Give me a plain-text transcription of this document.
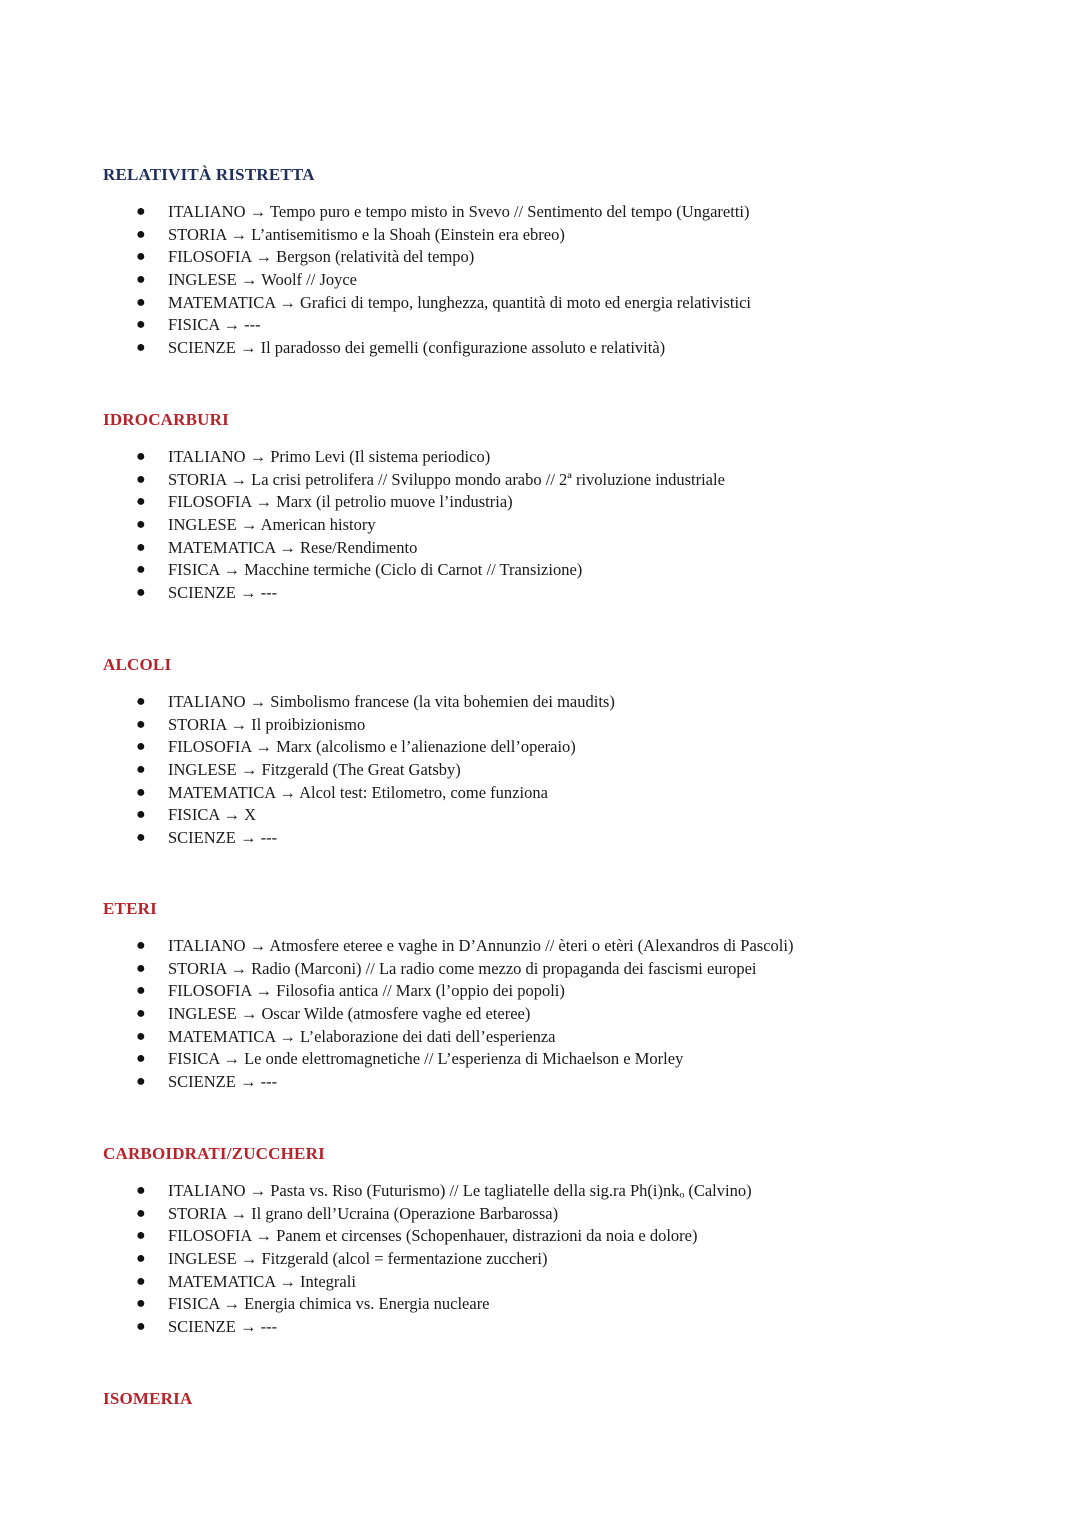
RELATIVITÀ RISTRETTA
● ITALIANO → Tempo puro e tempo misto in Svevo // Sentimento del tempo (Ungaretti)
● STORIA → L’antisemitismo e la Shoah (Einstein era ebreo)
● FILOSOFIA → Bergson (relatività del tempo)
● INGLESE → Woolf // Joyce
● MATEMATICA → Grafici di tempo, lunghezza, quantità di moto ed energia relativistici
● FISICA → ---
● SCIENZE → Il paradosso dei gemelli (configurazione assoluto e relatività)
IDROCARBURI
● ITALIANO → Primo Levi (Il sistema periodico)
● STORIA → La crisi petrolifera // Sviluppo mondo arabo // 2ª rivoluzione industriale
● FILOSOFIA → Marx (il petrolio muove l’industria)
● INGLESE → American history
● MATEMATICA → Rese/Rendimento
● FISICA → Macchine termiche (Ciclo di Carnot // Transizione)
● SCIENZE → ---
ALCOLI
● ITALIANO → Simbolismo francese (la vita bohemien dei maudits)
● STORIA → Il proibizionismo
● FILOSOFIA → Marx (alcolismo e l’alienazione dell’operaio)
● INGLESE → Fitzgerald (The Great Gatsby)
● MATEMATICA → Alcol test: Etilometro, come funziona
● FISICA → X
● SCIENZE → ---
ETERI
● ITALIANO → Atmosfere eteree e vaghe in D’Annunzio // èteri o etèri (Alexandros di Pascoli)
● STORIA → Radio (Marconi) // La radio come mezzo di propaganda dei fascismi europei
● FILOSOFIA → Filosofia antica // Marx (l’oppio dei popoli)
● INGLESE → Oscar Wilde (atmosfere vaghe ed eteree)
● MATEMATICA → L’elaborazione dei dati dell’esperienza
● FISICA → Le onde elettromagnetiche // L’esperienza di Michaelson e Morley
● SCIENZE → ---
CARBOIDRATI/ZUCCHERI
● ITALIANO → Pasta vs. Riso (Futurismo) // Le tagliatelle della sig.ra Ph(i)nkₒ (Calvino)
● STORIA → Il grano dell’Ucraina (Operazione Barbarossa)
● FILOSOFIA → Panem et circenses (Schopenhauer, distrazioni da noia e dolore)
● INGLESE → Fitzgerald (alcol = fermentazione zuccheri)
● MATEMATICA → Integrali
● FISICA → Energia chimica vs. Energia nucleare
● SCIENZE → ---
ISOMERIA
